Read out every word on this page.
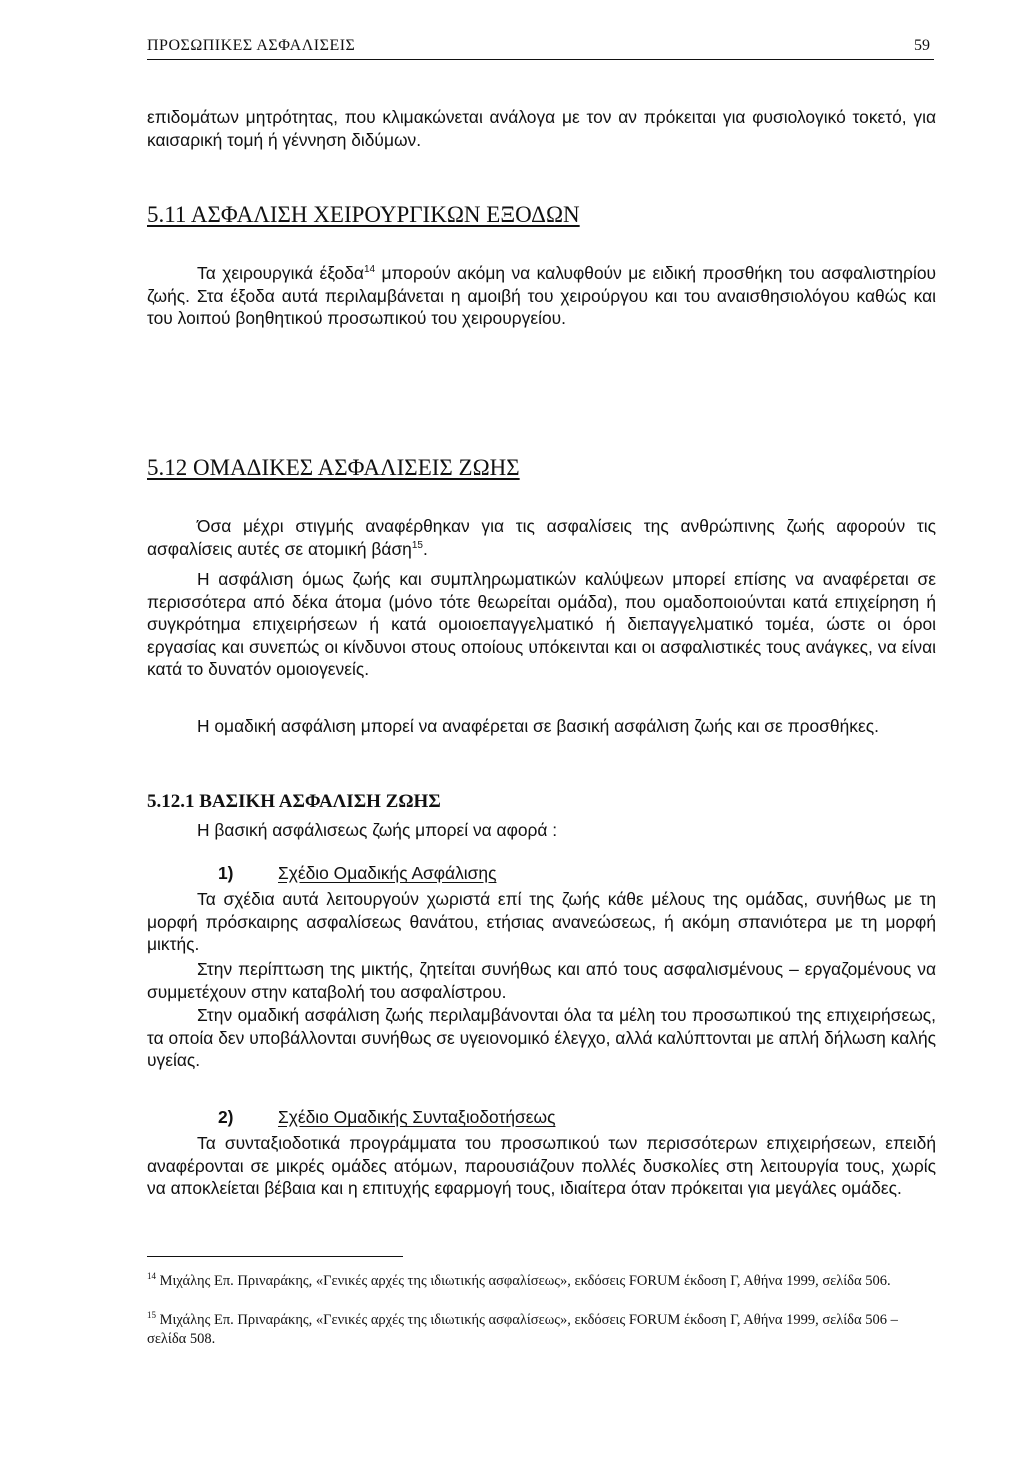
ΠΡΟΣΩΠΙΚΕΣ ΑΣΦΑΛΙΣΕΙΣ	59

επιδομάτων μητρότητας, που κλιμακώνεται ανάλογα με τον αν πρόκειται για φυσιολογικό τοκετό, για καισαρική τομή ή γέννηση διδύμων.

5.11 ΑΣΦΑΛΙΣΗ ΧΕΙΡΟΥΡΓΙΚΩΝ ΕΞΟΔΩΝ

Τα χειρουργικά έξοδα$^{14}$ μπορούν ακόμη να καλυφθούν με ειδική προσθήκη του ασφαλιστηρίου ζωής. Στα έξοδα αυτά περιλαμβάνεται η αμοιβή του χειρούργου και του αναισθησιολόγου καθώς και του λοιπού βοηθητικού προσωπικού του χειρουργείου.

5.12 ΟΜΑΔΙΚΕΣ ΑΣΦΑΛΙΣΕΙΣ ΖΩΗΣ

Όσα μέχρι στιγμής αναφέρθηκαν για τις ασφαλίσεις της ανθρώπινης ζωής αφορούν τις ασφαλίσεις αυτές σε ατομική βάση$^{15}$.

Η ασφάλιση όμως ζωής και συμπληρωματικών καλύψεων μπορεί επίσης να αναφέρεται σε περισσότερα από δέκα άτομα (μόνο τότε θεωρείται ομάδα), που ομαδοποιούνται κατά επιχείρηση ή συγκρότημα επιχειρήσεων ή κατά ομοιοεπαγγελματικό ή διεπαγγελματικό τομέα, ώστε οι όροι εργασίας και συνεπώς οι κίνδυνοι στους οποίους υπόκεινται και οι ασφαλιστικές τους ανάγκες, να είναι κατά το δυνατόν ομοιογενείς.

Η ομαδική ασφάλιση μπορεί να αναφέρεται σε βασική ασφάλιση ζωής και σε προσθήκες.

5.12.1 ΒΑΣΙΚΗ ΑΣΦΑΛΙΣΗ ΖΩΗΣ

Η βασική ασφάλισεως ζωής μπορεί να αφορά :

1)	Σχέδιο Ομαδικής Ασφάλισης

Τα σχέδια αυτά λειτουργούν χωριστά επί της ζωής κάθε μέλους της ομάδας, συνήθως με τη μορφή πρόσκαιρης ασφαλίσεως θανάτου, ετήσιας ανανεώσεως, ή ακόμη σπανιότερα με τη μορφή μικτής.

Στην περίπτωση της μικτής, ζητείται συνήθως και από τους ασφαλισμένους – εργαζομένους να συμμετέχουν στην καταβολή του ασφαλίστρου.

Στην ομαδική ασφάλιση ζωής περιλαμβάνονται όλα τα μέλη του προσωπικού της επιχειρήσεως, τα οποία δεν υποβάλλονται συνήθως σε υγειονομικό έλεγχο, αλλά καλύπτονται με απλή δήλωση καλής υγείας.

2)	Σχέδιο Ομαδικής Συνταξιοδοτήσεως

Τα συνταξιοδοτικά προγράμματα του προσωπικού των περισσότερων επιχειρήσεων, επειδή αναφέρονται σε μικρές ομάδες ατόμων, παρουσιάζουν πολλές δυσκολίες στη λειτουργία τους, χωρίς να αποκλείεται βέβαια και η επιτυχής εφαρμογή τους, ιδιαίτερα όταν πρόκειται για μεγάλες ομάδες.

$^{14}$ Μιχάλης Επ. Πριναράκης, «Γενικές αρχές της ιδιωτικής ασφαλίσεως», εκδόσεις FORUM έκδοση Γ, Αθήνα 1999, σελίδα 506.

$^{15}$ Μιχάλης Επ. Πριναράκης, «Γενικές αρχές της ιδιωτικής ασφαλίσεως», εκδόσεις FORUM έκδοση Γ, Αθήνα 1999, σελίδα 506 – σελίδα 508.
